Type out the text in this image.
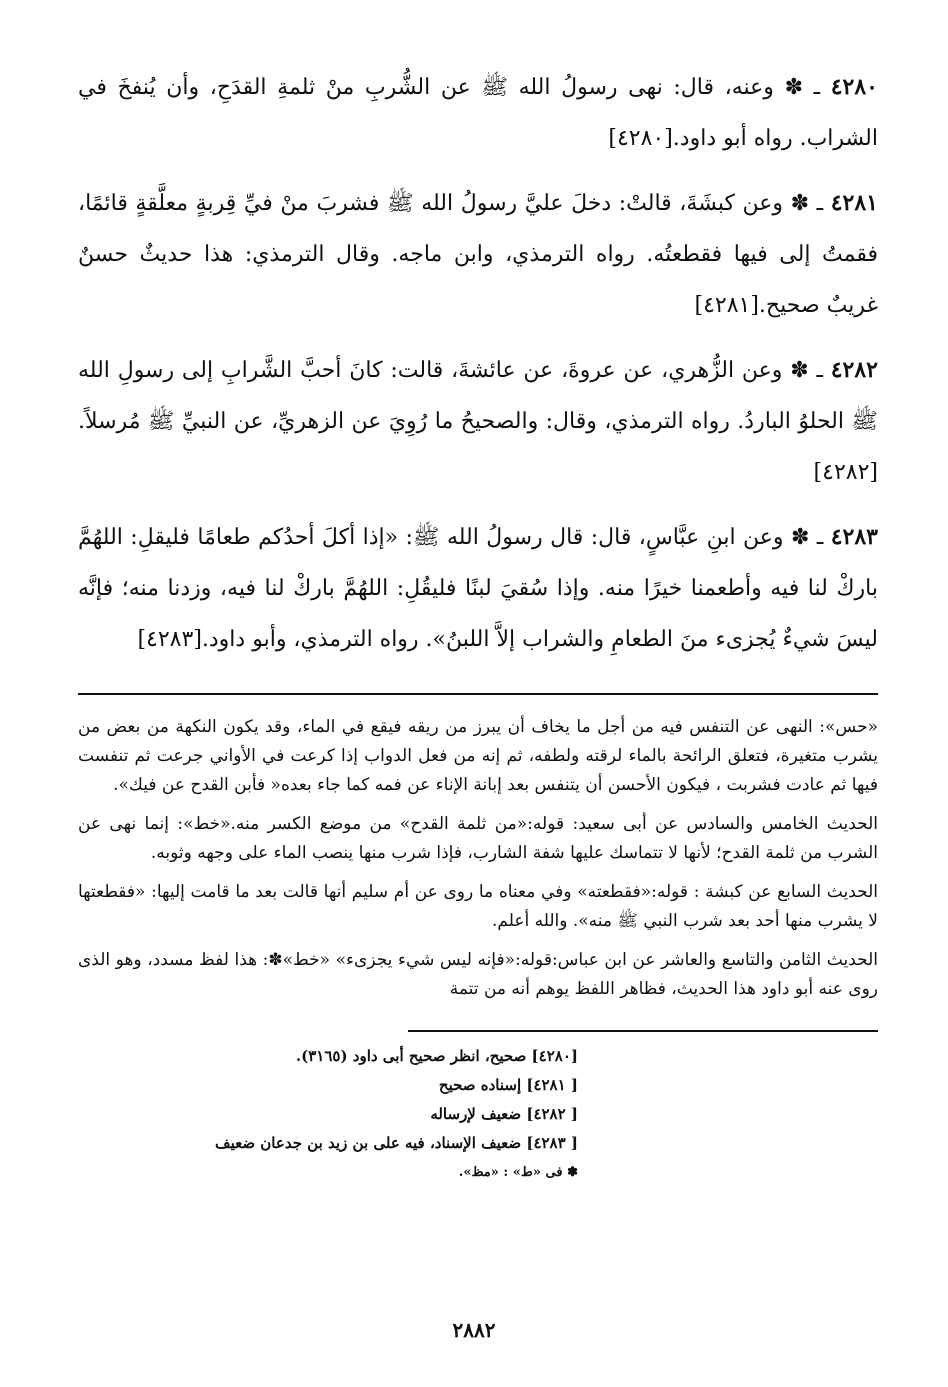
٤٢٨٠ ـ ✽ وعنه، قال: نهى رسولُ الله ﷺ عن الشُّربِ منْ ثلمةِ القدَحِ، وأن يُنفخَ في الشراب. رواه أبو داود.[٤٢٨٠]

٤٢٨١ ـ ✽ وعن كبشَةَ، قالتْ: دخلَ عليَّ رسولُ الله ﷺ فشربَ منْ فيِّ قِربةٍ معلَّقةٍ قائمًا، فقمتُ إلى فيها فقطعتُه. رواه الترمذي، وابن ماجه. وقال الترمذي: هذا حديثٌ حسنٌ غريبٌ صحيح.[٤٢٨١]

٤٢٨٢ ـ ✽ وعن الزُّهري، عن عروةَ، عن عائشةَ، قالت: كانَ أحبَّ الشَّرابِ إلى رسولِ الله ﷺ الحلوُ الباردُ. رواه الترمذي، وقال: والصحيحُ ما رُوِيَ عن الزهريِّ، عن النبيِّ ﷺ مُرسلاً.[٤٢٨٢]

٤٢٨٣ ـ ✽ وعن ابنِ عبَّاسٍ، قال: قال رسولُ الله ﷺ: «إذا أكلَ أحدُكم طعامًا فليقلِ: اللهُمَّ باركْ لنا فيه وأطعمنا خيرًا منه. وإذا سُقيَ لبنًا فليقُلِ: اللهُمَّ باركْ لنا فيه، وزدنا منه؛ فإنَّه ليسَ شيءٌ يُجزىء منَ الطعامِ والشراب إلاَّ اللبنُ». رواه الترمذي، وأبو داود.[٤٢٨٣]

«حس»: النهى عن التنفس فيه من أجل ما يخاف أن يبرز من ريقه فيقع في الماء، وقد يكون النكهة من بعض من يشرب متغيرة، فتعلق الرائحة بالماء لرقته ولطفه، ثم إنه من فعل الدواب إذا كرعت في الأواني جرعت ثم تنفست فيها ثم عادت فشربت ، فيكون الأحسن أن يتنفس بعد إبانة الإناء عن فمه كما جاء بعده« فأبن القدح عن فيك».

الحديث الخامس والسادس عن أبى سعيد: قوله:«من ثلمة القدح» من موضع الكسر منه.«خط»: إنما نهى عن الشرب من ثلمة القدح؛ لأنها لا تتماسك عليها شفة الشارب، فإذا شرب منها ينصب الماء على وجهه وثوبه.

الحديث السابع عن كبشة : قوله:«فقطعته» وفي معناه ما روى عن أم سليم أنها قالت بعد ما قامت إليها: «فقطعتها لا يشرب منها أحد بعد شرب النبي ﷺ منه». والله أعلم.

الحديث الثامن والتاسع والعاشر عن ابن عباس:قوله:«فإنه ليس شيء يجزىء» «خط»✽: هذا لفظ مسدد، وهو الذى روى عنه أبو داود هذا الحديث، فظاهر اللفظ يوهم أنه من تتمة

[٤٢٨٠] صحيح، انظر صحيح أبى داود (٣١٦٥).
[ ٤٢٨١] إسناده صحيح
[ ٤٢٨٢] ضعيف لإرساله
[ ٤٢٨٣] ضعيف الإسناد، فيه على بن زيد بن جدعان ضعيف
✽ فى «ط» : «مظ».
٢٨٨٢
